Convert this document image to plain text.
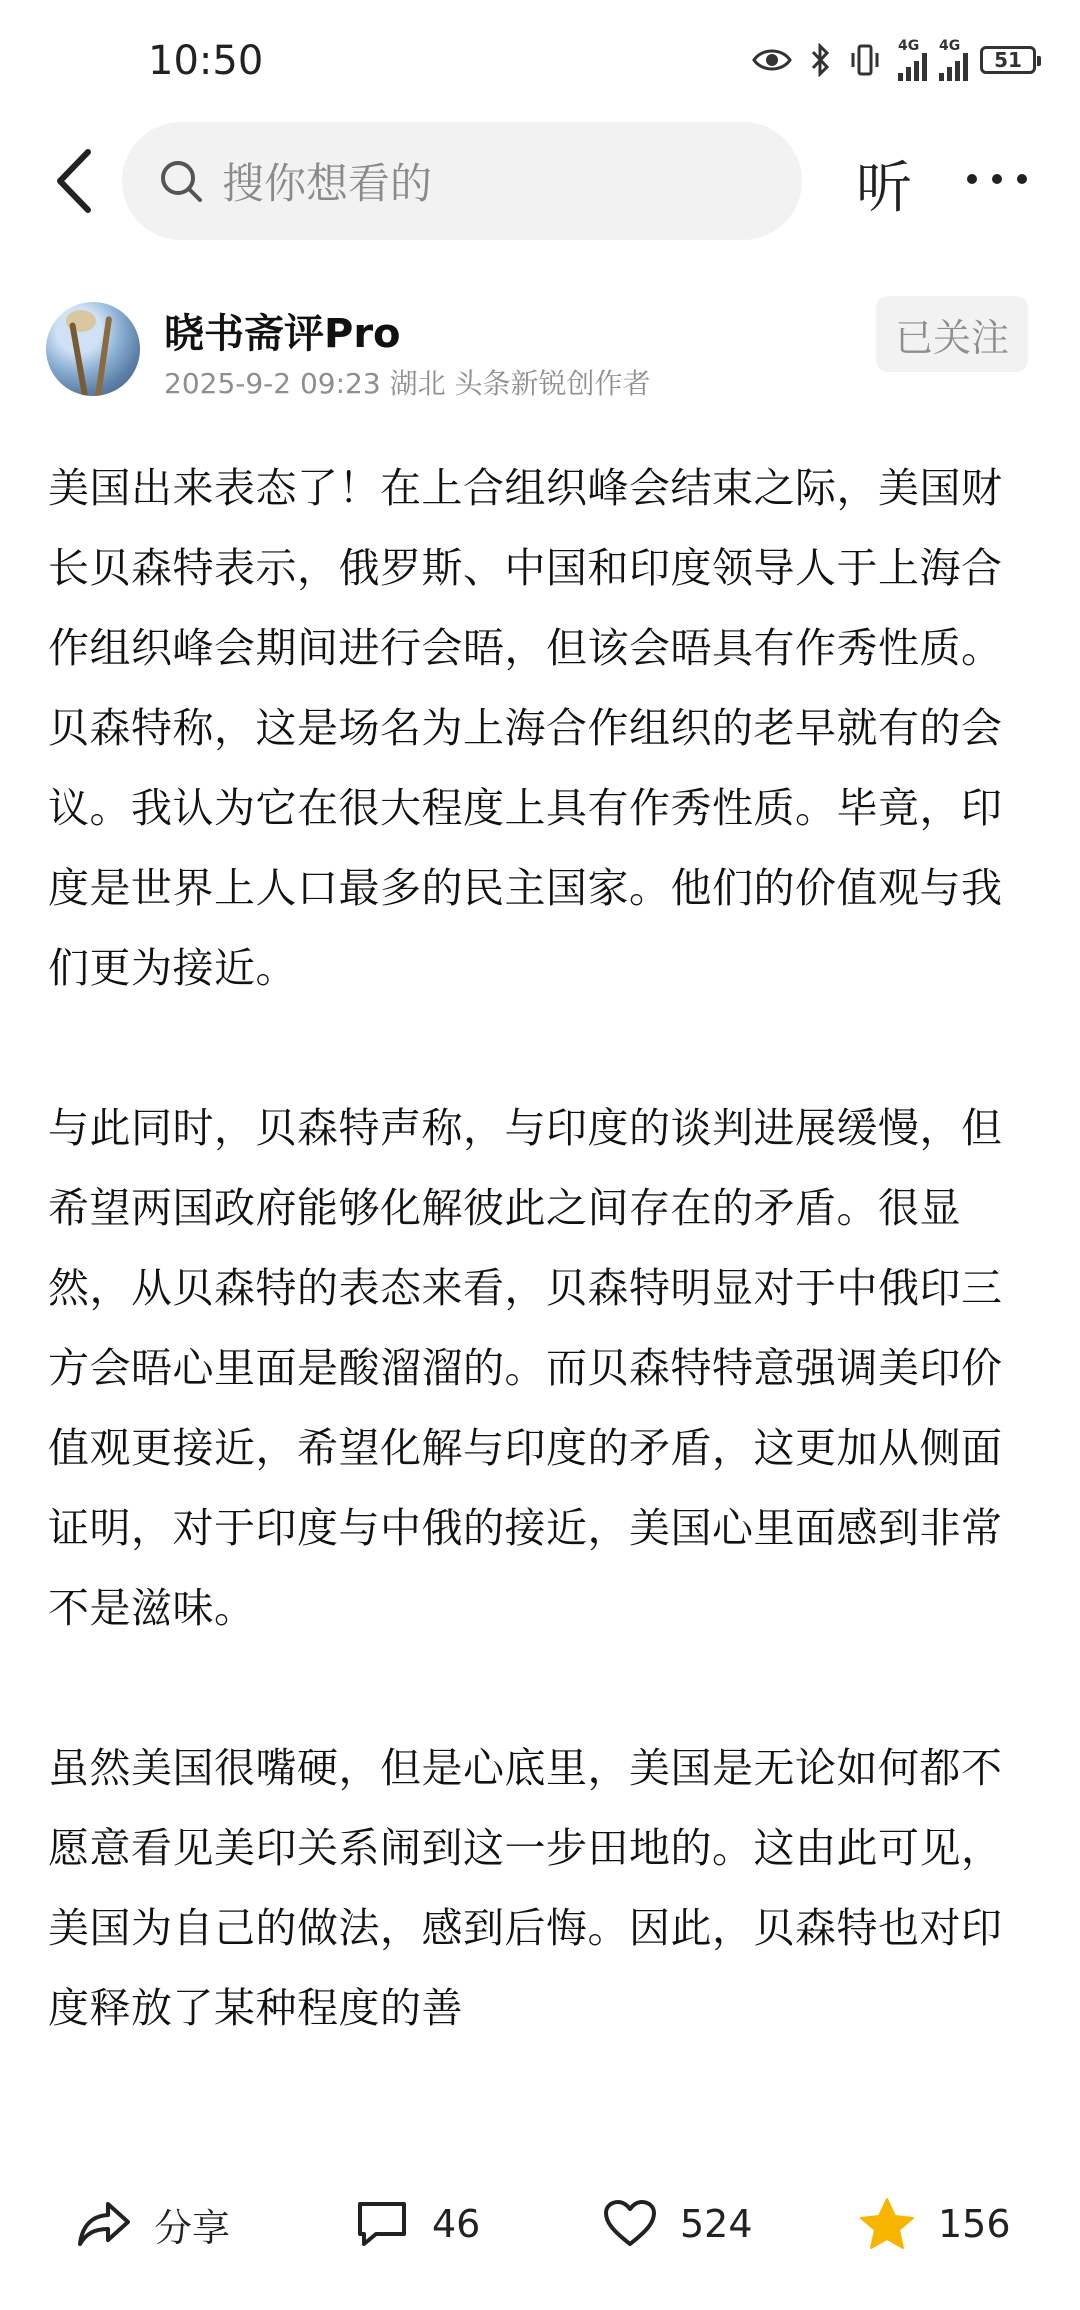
10:50	4G 4G
51
搜你想看的	听
晓书斋评Pro
2025-9-2 09:23 湖北 头条新锐创作者
已关注

美国出来表态了！在上合组织峰会结束之际，美国财长贝森特表示，俄罗斯、中国和印度领导人于上海合作组织峰会期间进行会晤，但该会晤具有作秀性质。贝森特称，这是场名为上海合作组织的老早就有的会议。我认为它在很大程度上具有作秀性质。毕竟，印度是世界上人口最多的民主国家。他们的价值观与我们更为接近。

与此同时，贝森特声称，与印度的谈判进展缓慢，但希望两国政府能够化解彼此之间存在的矛盾。很显然，从贝森特的表态来看，贝森特明显对于中俄印三方会晤心里面是酸溜溜的。而贝森特特意强调美印价值观更接近，希望化解与印度的矛盾，这更加从侧面证明，对于印度与中俄的接近，美国心里面感到非常不是滋味。

虽然美国很嘴硬，但是心底里，美国是无论如何都不愿意看见美印关系闹到这一步田地的。这由此可见，美国为自己的做法，感到后悔。因此，贝森特也对印度释放了某种程度的善

分享	46	524	156
